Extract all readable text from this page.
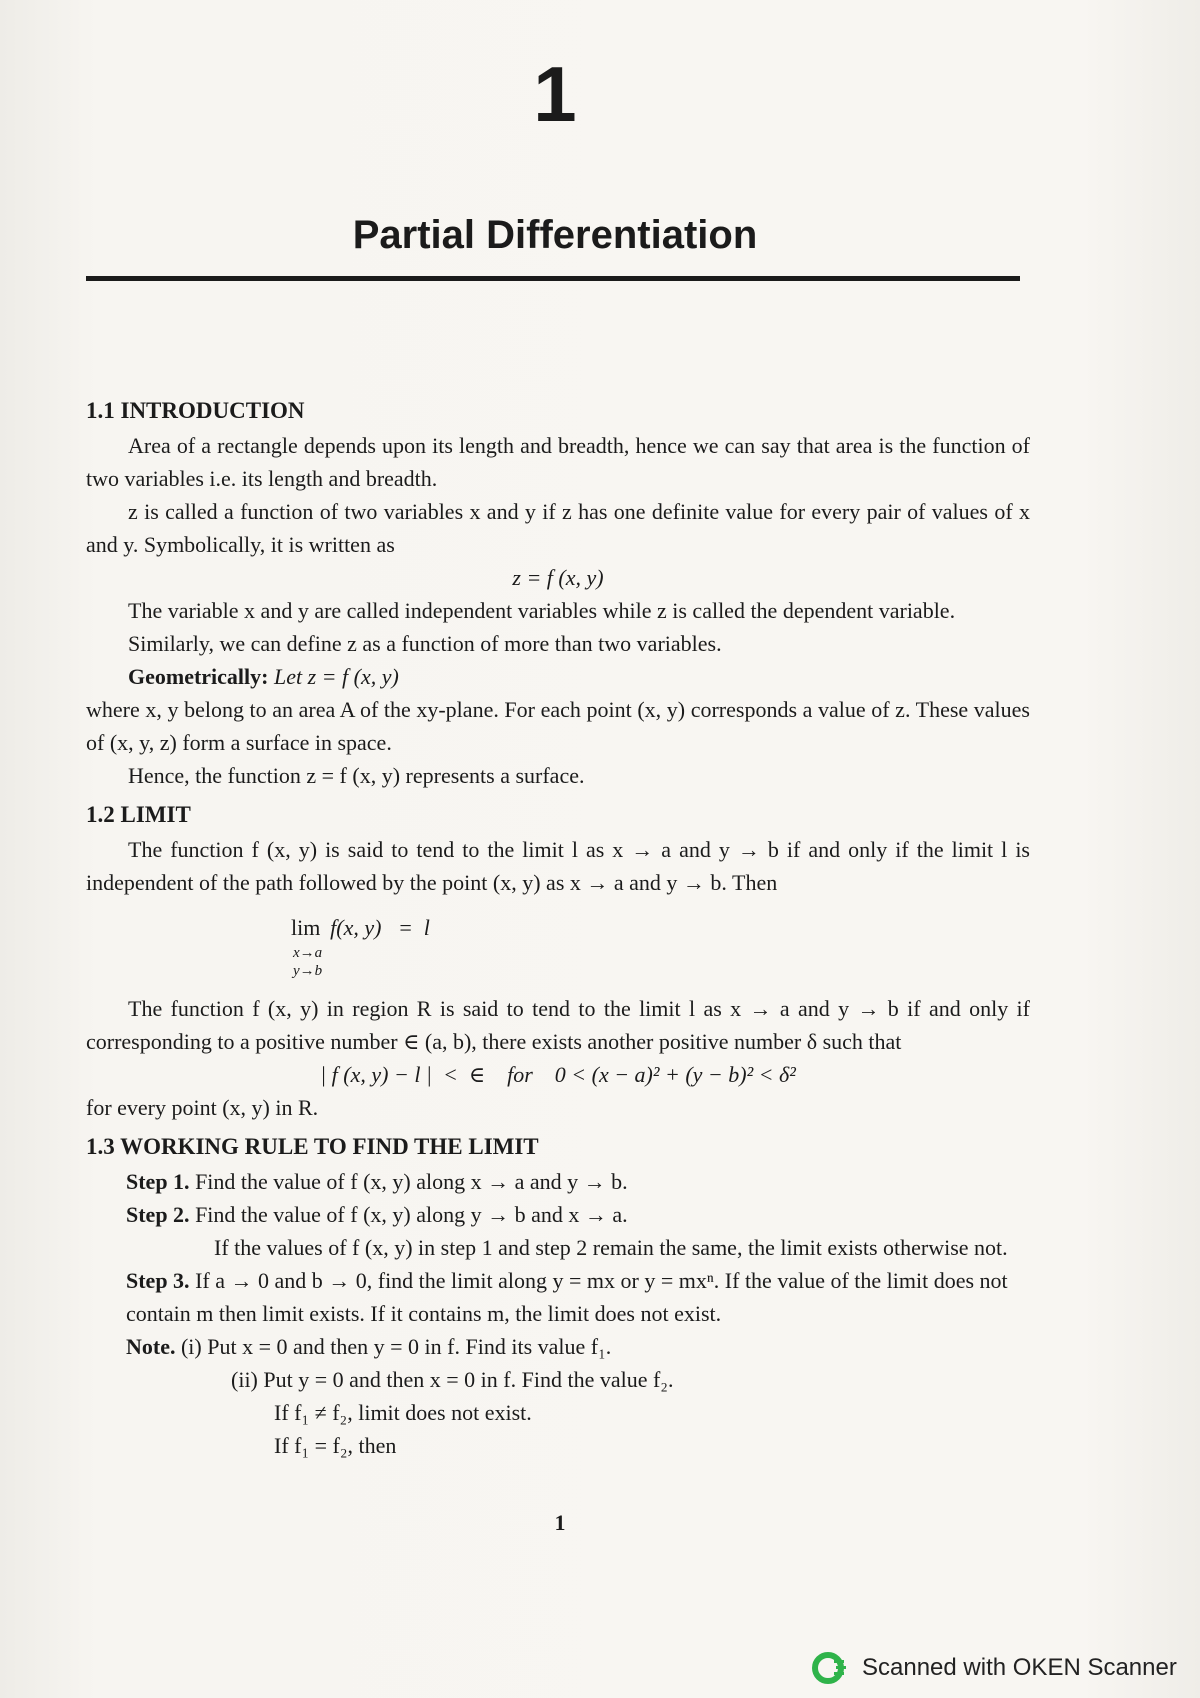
1
Partial Differentiation
1.1 INTRODUCTION

Area of a rectangle depends upon its length and breadth, hence we can say that area is the function of two variables i.e. its length and breadth.

z is called a function of two variables x and y if z has one definite value for every pair of values of x and y. Symbolically, it is written as

z = f (x, y)

The variable x and y are called independent variables while z is called the dependent variable.

Similarly, we can define z as a function of more than two variables.

Geometrically: Let z = f (x, y)

where x, y belong to an area A of the xy-plane. For each point (x, y) corresponds a value of z. These values of (x, y, z) form a surface in space.

Hence, the function z = f (x, y) represents a surface.

1.2 LIMIT

The function f (x, y) is said to tend to the limit l as x → a and y → b if and only if the limit l is independent of the path followed by the point (x, y) as x → a and y → b. Then

lim
x→a
y→b
f(x, y)   =  l

The function f (x, y) in region R is said to tend to the limit l as x → a and y → b if and only if corresponding to a positive number ∈ (a, b), there exists another positive number δ such that

| f (x, y) − l |  <  ∈    for    0 < (x − a)² + (y − b)² < δ²

for every point (x, y) in R.

1.3 WORKING RULE TO FIND THE LIMIT

Step 1. Find the value of f (x, y) along x → a and y → b.

Step 2. Find the value of f (x, y) along y → b and x → a.

If the values of f (x, y) in step 1 and step 2 remain the same, the limit exists otherwise not.

Step 3. If a → 0 and b → 0, find the limit along y = mx or y = mxⁿ. If the value of the limit does not contain m then limit exists. If it contains m, the limit does not exist.

Note. (i) Put x = 0 and then y = 0 in f. Find its value f₁.

(ii) Put y = 0 and then x = 0 in f. Find the value f₂.

If f₁ ≠ f₂, limit does not exist.

If f₁ = f₂, then

1
Scanned with OKEN Scanner
